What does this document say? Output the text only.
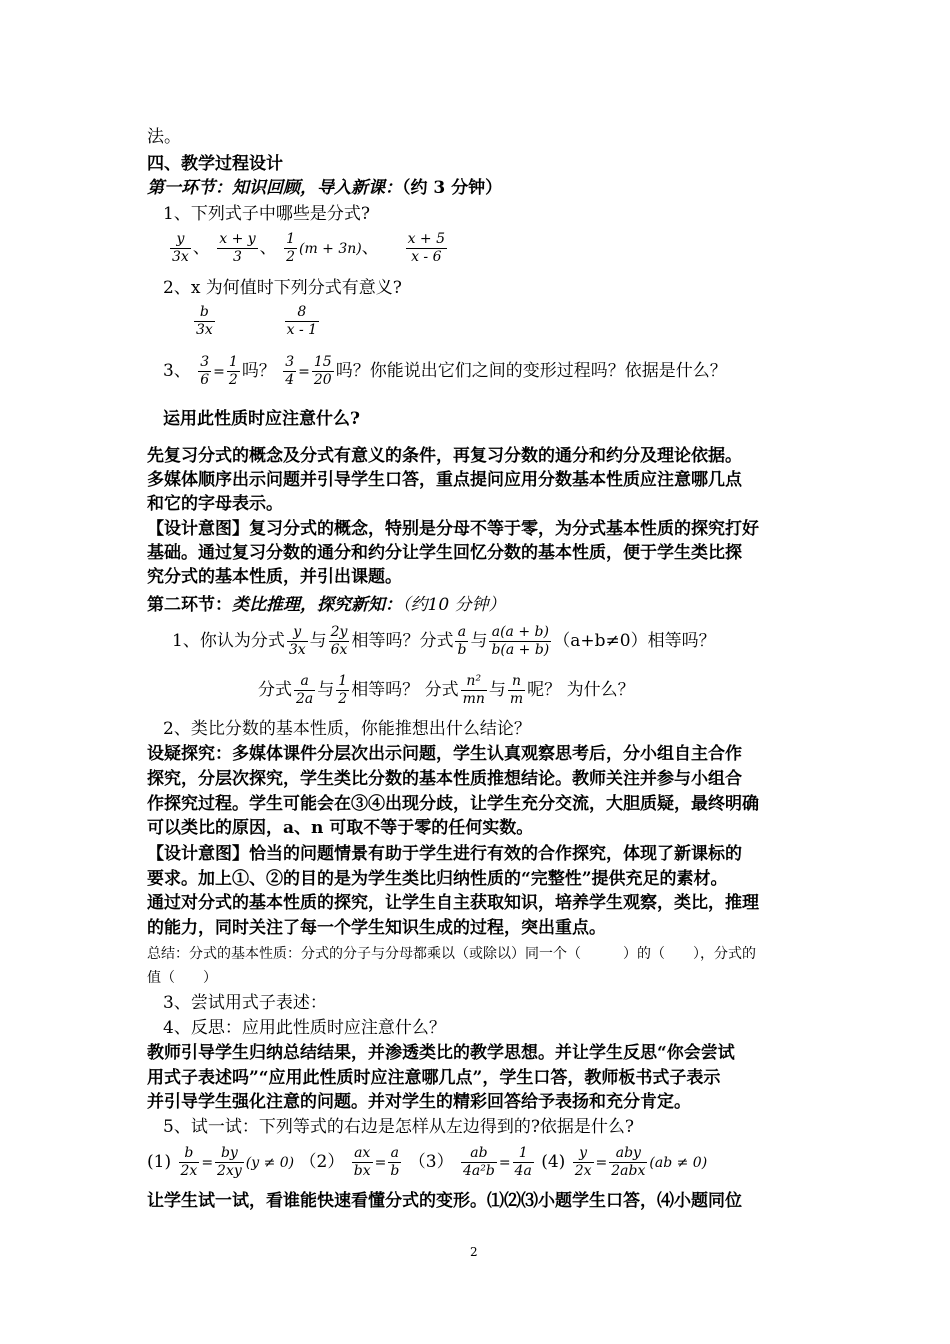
法。
四、教学过程设计
第一环节：知识回顾，导入新课：（约 3 分钟）
1、下列式子中哪些是分式?
$\frac{y}{3x}$ 、 $\frac{x + y}{3}$ 、 $\frac{1}{2} (m + 3n)$、 $\frac{x + 5}{x - 6}$
2、x 为何值时下列分式有意义?
$\frac{b}{3x}$
	$\frac{8}{x - 1}$
3、 $\frac{3}{6} = \frac{1}{2}$ 吗？ $\frac{3}{4} = \frac{15}{20}$ 吗？你能说出它们之间的变形过程吗？依据是什么？
运用此性质时应注意什么?
先复习分式的概念及分式有意义的条件，再复习分数的通分和约分及理论依据。
多媒体顺序出示问题并引导学生口答，重点提问应用分数基本性质应注意哪几点
和它的字母表示。
【设计意图】复习分式的概念，特别是分母不等于零，为分式基本性质的探究打好
基础。通过复习分数的通分和约分让学生回忆分数的基本性质，便于学生类比探
究分式的基本性质，并引出课题。
第二环节：类比推理，探究新知：（约10 分钟）
1、你认为分式 $\frac{y}{3x}$ 与 $\frac{2y}{6x}$ 相等吗？分式 $\frac{a}{b}$ 与 $\frac{a(a + b)}{b(a + b)} (a+b\ne 0)$相等吗？
分式 $\frac{a}{2a}$ 与 $\frac{1}{2}$ 相等吗？ 分式 $\frac{\text{n²}}{mn}$ 与 $\frac{n}{m}$ 呢？ 为什么？
2、类比分数的基本性质，你能推想出什么结论？
设疑探究：多媒体课件分层次出示问题，学生认真观察思考后，分小组自主合作
探究，分层次探究，学生类比分数的基本性质推想结论。教师关注并参与小组合
作探究过程。学生可能会在③④出现分歧，让学生充分交流，大胆质疑，最终明确
可以类比的原因，a、n 可取不等于零的任何实数。
【设计意图】恰当的问题情景有助于学生进行有效的合作探究，体现了新课标的
要求。加上①、②的目的是为学生类比归纳性质的“完整性”提供充足的素材。
通过对分式的基本性质的探究，让学生自主获取知识，培养学生观察，类比，推理
的能力，同时关注了每一个学生知识生成的过程，突出重点。
总结：分式的基本性质：分式的分子与分母都乘以（或除以）同一个（　　　）的（　　），分式的
值（　　）
3、尝试用式子表述：
4、反思：应用此性质时应注意什么？
教师引导学生归纳总结结果，并渗透类比的教学思想。并让学生反思“你会尝试
用式子表述吗”“应用此性质时应注意哪几点”，学生口答，教师板书式子表示
并引导学生强化注意的问题。并对学生的精彩回答给予表扬和充分肯定。
5、试一试：下列等式的右边是怎样从左边得到的?依据是什么?
$(1) \frac{b}{2x} = \frac{by}{2xy} (y \ne 0)$ $(2) \frac{ax}{bx} = \frac{a}{b} (3) \frac{ab}{\text{4a²b}} = \frac{1}{4a} (4) \frac{y}{2x} = \frac{\text{aby}}{\text{2abx}} (ab \ne 0)$
让学生试一试，看谁能快速看懂分式的变形。⑴⑵⑶小题学生口答，⑷小题同位
2
